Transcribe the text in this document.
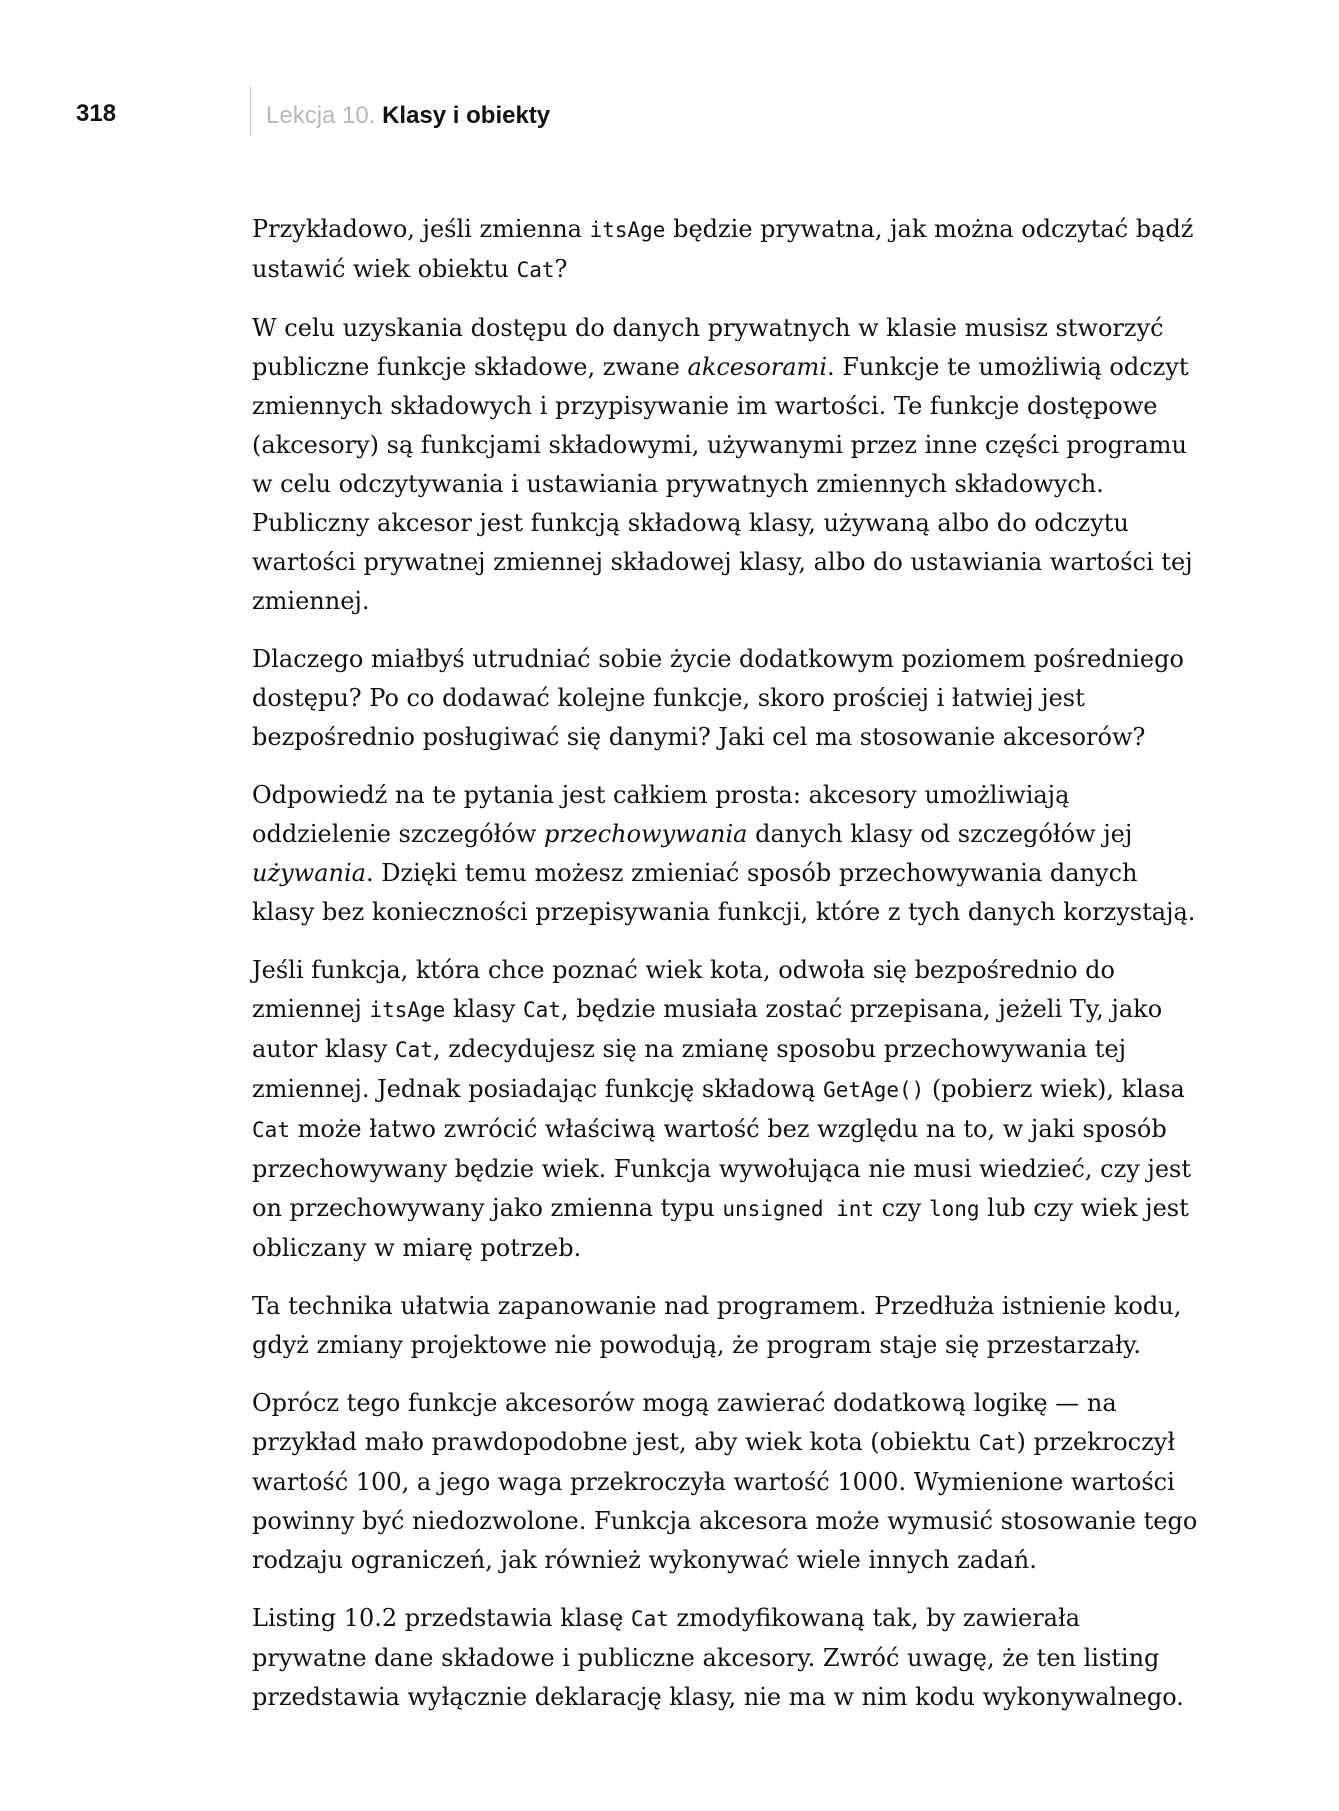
318	Lekcja 10. Klasy i obiekty

Przykładowo, jeśli zmienna itsAge będzie prywatna, jak można odczytać bądź ustawić wiek obiektu Cat?

W celu uzyskania dostępu do danych prywatnych w klasie musisz stworzyć publiczne funkcje składowe, zwane akcesorami. Funkcje te umożliwią odczyt zmiennych składowych i przypisywanie im wartości. Te funkcje dostępowe (akcesory) są funkcjami składowymi, używanymi przez inne części programu w celu odczytywania i ustawiania prywatnych zmiennych składowych. Publiczny akcesor jest funkcją składową klasy, używaną albo do odczytu wartości prywatnej zmiennej składowej klasy, albo do ustawiania wartości tej zmiennej.

Dlaczego miałbyś utrudniać sobie życie dodatkowym poziomem pośredniego dostępu? Po co dodawać kolejne funkcje, skoro prościej i łatwiej jest bezpośrednio posługiwać się danymi? Jaki cel ma stosowanie akcesorów?

Odpowiedź na te pytania jest całkiem prosta: akcesory umożliwiają oddzielenie szczegółów przechowywania danych klasy od szczegółów jej używania. Dzięki temu możesz zmieniać sposób przechowywania danych klasy bez konieczności przepisywania funkcji, które z tych danych korzystają.

Jeśli funkcja, która chce poznać wiek kota, odwoła się bezpośrednio do zmiennej itsAge klasy Cat, będzie musiała zostać przepisana, jeżeli Ty, jako autor klasy Cat, zdecydujesz się na zmianę sposobu przechowywania tej zmiennej. Jednak posiadając funkcję składową GetAge() (pobierz wiek), klasa Cat może łatwo zwrócić właściwą wartość bez względu na to, w jaki sposób przechowywany będzie wiek. Funkcja wywołująca nie musi wiedzieć, czy jest on przechowywany jako zmienna typu unsigned int czy long lub czy wiek jest obliczany w miarę potrzeb.

Ta technika ułatwia zapanowanie nad programem. Przedłuża istnienie kodu, gdyż zmiany projektowe nie powodują, że program staje się przestarzały.

Oprócz tego funkcje akcesorów mogą zawierać dodatkową logikę — na przykład mało prawdopodobne jest, aby wiek kota (obiektu Cat) przekroczył wartość 100, a jego waga przekroczyła wartość 1000. Wymienione wartości powinny być niedozwolone. Funkcja akcesora może wymusić stosowanie tego rodzaju ograniczeń, jak również wykonywać wiele innych zadań.

Listing 10.2 przedstawia klasę Cat zmodyfikowaną tak, by zawierała prywatne dane składowe i publiczne akcesory. Zwróć uwagę, że ten listing przedstawia wyłącznie deklarację klasy, nie ma w nim kodu wykonywalnego.
